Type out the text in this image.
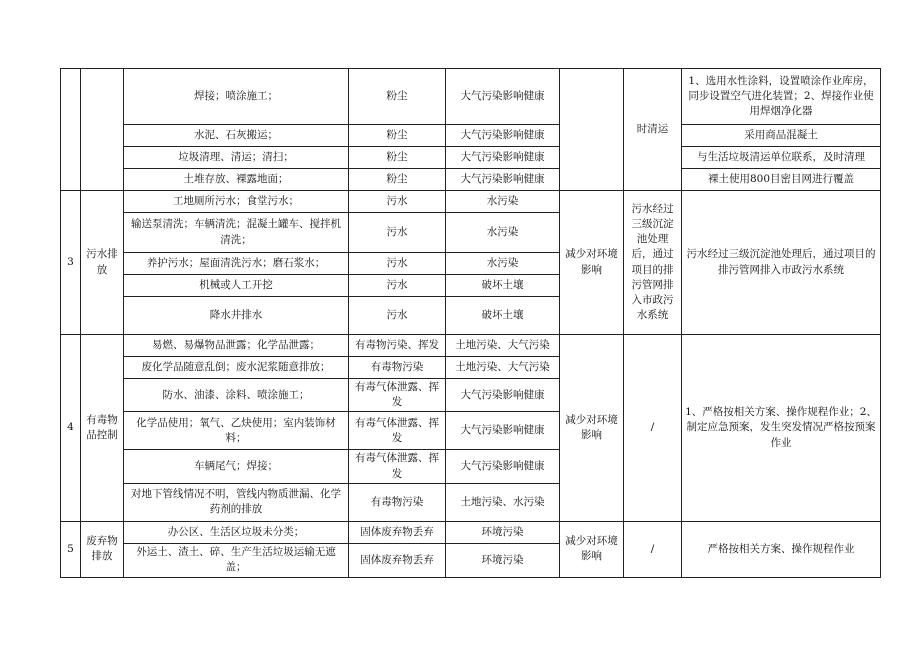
		焊接；喷涂施工；	粉尘	大气污染影响健康		时清运	1、选用水性涂料，设置喷涂作业库房，同步设置空气进化装置；2、焊接作业使用焊烟净化器
		水泥、石灰搬运；	粉尘	大气污染影响健康			采用商品混凝土
		垃圾清理、清运；清扫；	粉尘	大气污染影响健康			与生活垃圾清运单位联系，及时清理
		土堆存放、裸露地面；	粉尘	大气污染影响健康			裸土使用800目密目网进行覆盖
3	污水排放	工地厕所污水；食堂污水；	污水	水污染	减少对环境影响	污水经过三级沉淀池处理后，通过项目的排污管网排入市政污水系统	污水经过三级沉淀池处理后，通过项目的排污管网排入市政污水系统
		输送泵清洗；车辆清洗；混凝土罐车、搅拌机清洗；	污水	水污染			
		养护污水；屋面清洗污水；磨石浆水；	污水	水污染			
		机械或人工开挖	污水	破坏土壤			
		降水井排水	污水	破坏土壤			
4	有毒物品控制	易燃、易爆物品泄露；化学品泄露；	有毒物污染、挥发	土地污染、大气污染	减少对环境影响	/	1、严格按相关方案、操作规程作业；2、制定应急预案，发生突发情况严格按预案作业
		废化学品随意乱倒；废水泥浆随意排放；	有毒物污染	土地污染、大气污染			
		防水、油漆、涂料、喷涂施工；	有毒气体泄露、挥发	大气污染影响健康			
		化学品使用；氧气、乙炔使用；室内装饰材料；	有毒气体泄露、挥发	大气污染影响健康			
		车辆尾气；焊接；	有毒气体泄露、挥发	大气污染影响健康			
		对地下管线情况不明，管线内物质泄漏、化学药剂的排放	有毒物污染	土地污染、水污染			
5	废弃物排放	办公区、生活区垃圾未分类；	固体废弃物丢弃	环境污染	减少对环境影响	/	严格按相关方案、操作规程作业
		外运土、渣土、碎、生产生活垃圾运输无遮盖；	固体废弃物丢弃	环境污染			
